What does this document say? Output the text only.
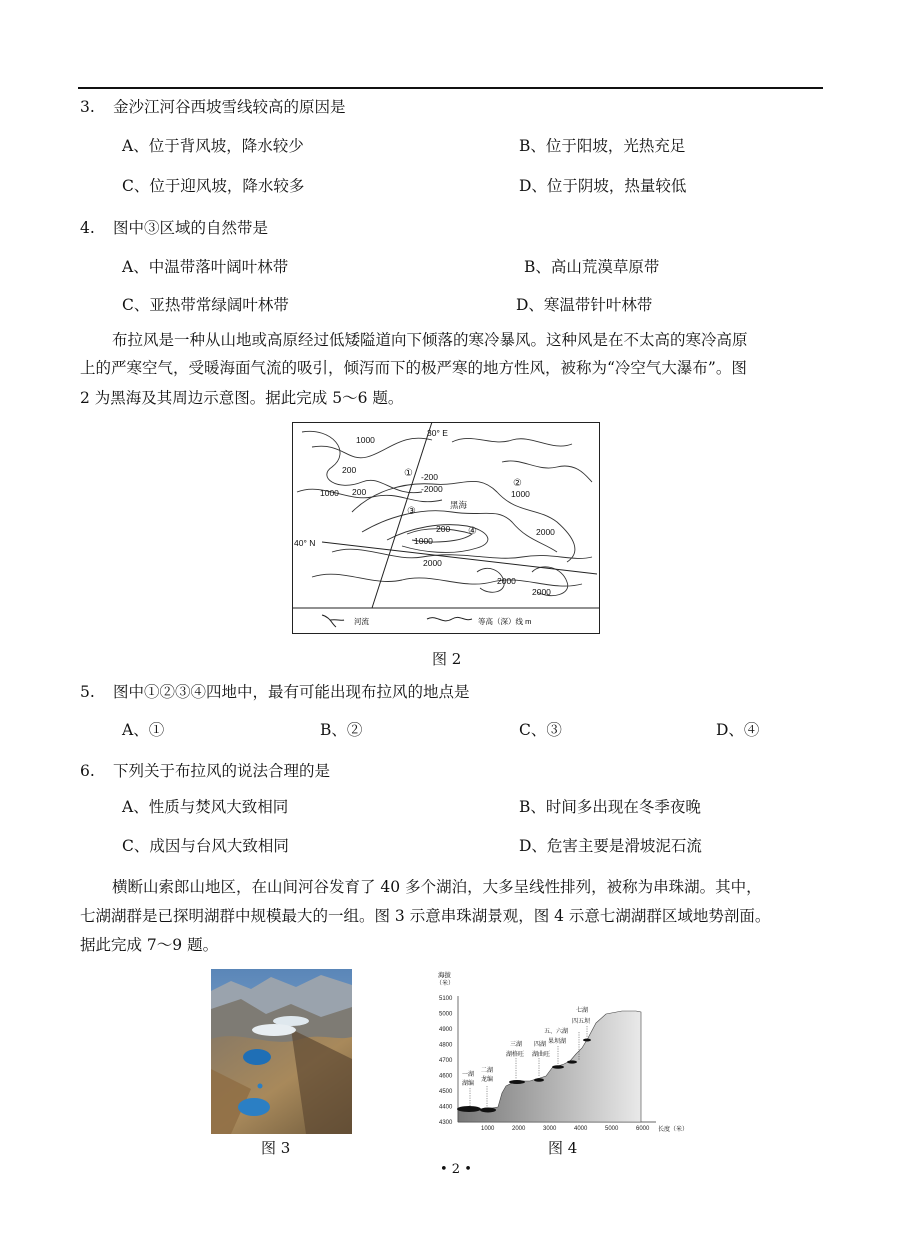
3. 金沙江河谷西坡雪线较高的原因是
A、位于背风坡，降水较少	B、位于阳坡，光热充足
C、位于迎风坡，降水较多	D、位于阴坡，热量较低
4. 图中③区域的自然带是
A、中温带落叶阔叶林带	B、高山荒漠草原带
C、亚热带常绿阔叶林带	D、寒温带针叶林带
布拉风是一种从山地或高原经过低矮隘道向下倾落的寒冷暴风。这种风是在不太高的寒冷高原
上的严寒空气，受暖海面气流的吸引，倾泻而下的极严寒的地方性风，被称为“冷空气大瀑布”。图
2 为黑海及其周边示意图。据此完成 5～6 题。
1000
200
1000 200
-200
-2000	1000
黑海
200
1000
2000
2000
2000
2000
30° E
40° N
①
②
③
④
河流	等高（深）线 m
图 2
5. 图中①②③④四地中，最有可能出现布拉风的地点是
A、①	B、②	C、③	D、④
6. 下列关于布拉风的说法合理的是
A、性质与焚风大致相同	B、时间多出现在冬季夜晚
C、成因与台风大致相同	D、危害主要是滑坡泥石流
横断山索郎山地区，在山间河谷发育了 40 多个湖泊，大多呈线性排列，被称为串珠湖。其中，
七湖湖群是已探明湖群中规模最大的一组。图 3 示意串珠湖景观，图 4 示意七湖湖群区域地势剖面。
据此完成 7～9 题。
图 3
海拔
（米）
5100
5000
4900
4800
4700
4600
4500
4400
4300
一湖
湖编
二湖
龙编
三湖
湖格旺
四湖
湖曲旺
五、六湖
果坝湖
七湖
四五坝
1000	2000	3000	4000	5000	6000 长度（米）
图 4
• 2 •
